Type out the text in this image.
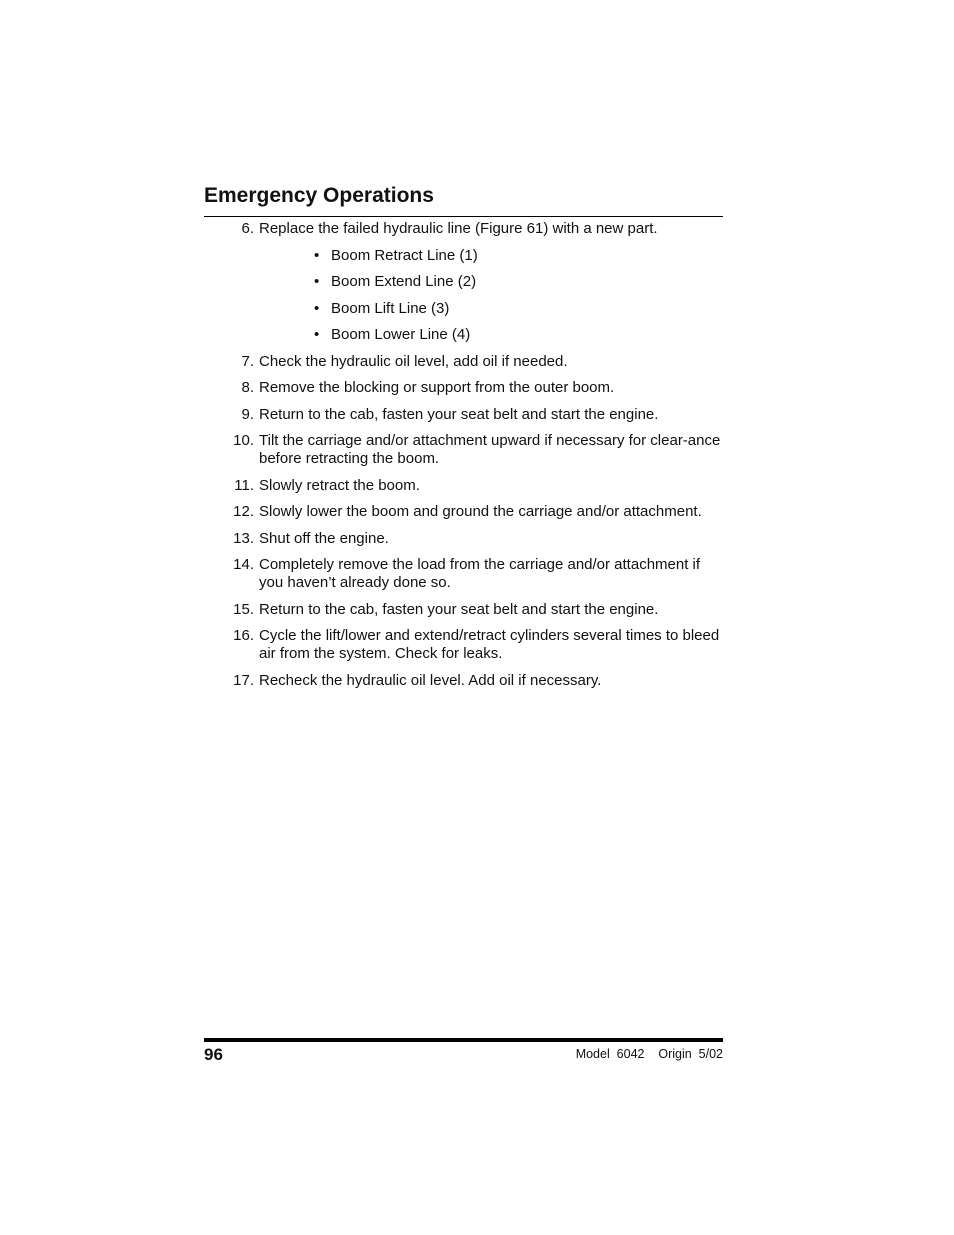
Emergency Operations
6. Replace the failed hydraulic line (Figure 61) with a new part.
• Boom Retract Line (1)
• Boom Extend Line (2)
• Boom Lift Line (3)
• Boom Lower Line (4)
7. Check the hydraulic oil level, add oil if needed.
8. Remove the blocking or support from the outer boom.
9. Return to the cab, fasten your seat belt and start the engine.
10. Tilt the carriage and/or attachment upward if necessary for clear-ance before retracting the boom.
11. Slowly retract the boom.
12. Slowly lower the boom and ground the carriage and/or attachment.
13. Shut off the engine.
14. Completely remove the load from the carriage and/or attachment if you haven’t already done so.
15. Return to the cab, fasten your seat belt and start the engine.
16. Cycle the lift/lower and extend/retract cylinders several times to bleed air from the system. Check for leaks.
17. Recheck the hydraulic oil level. Add oil if necessary.
96	Model  6042    Origin  5/02
